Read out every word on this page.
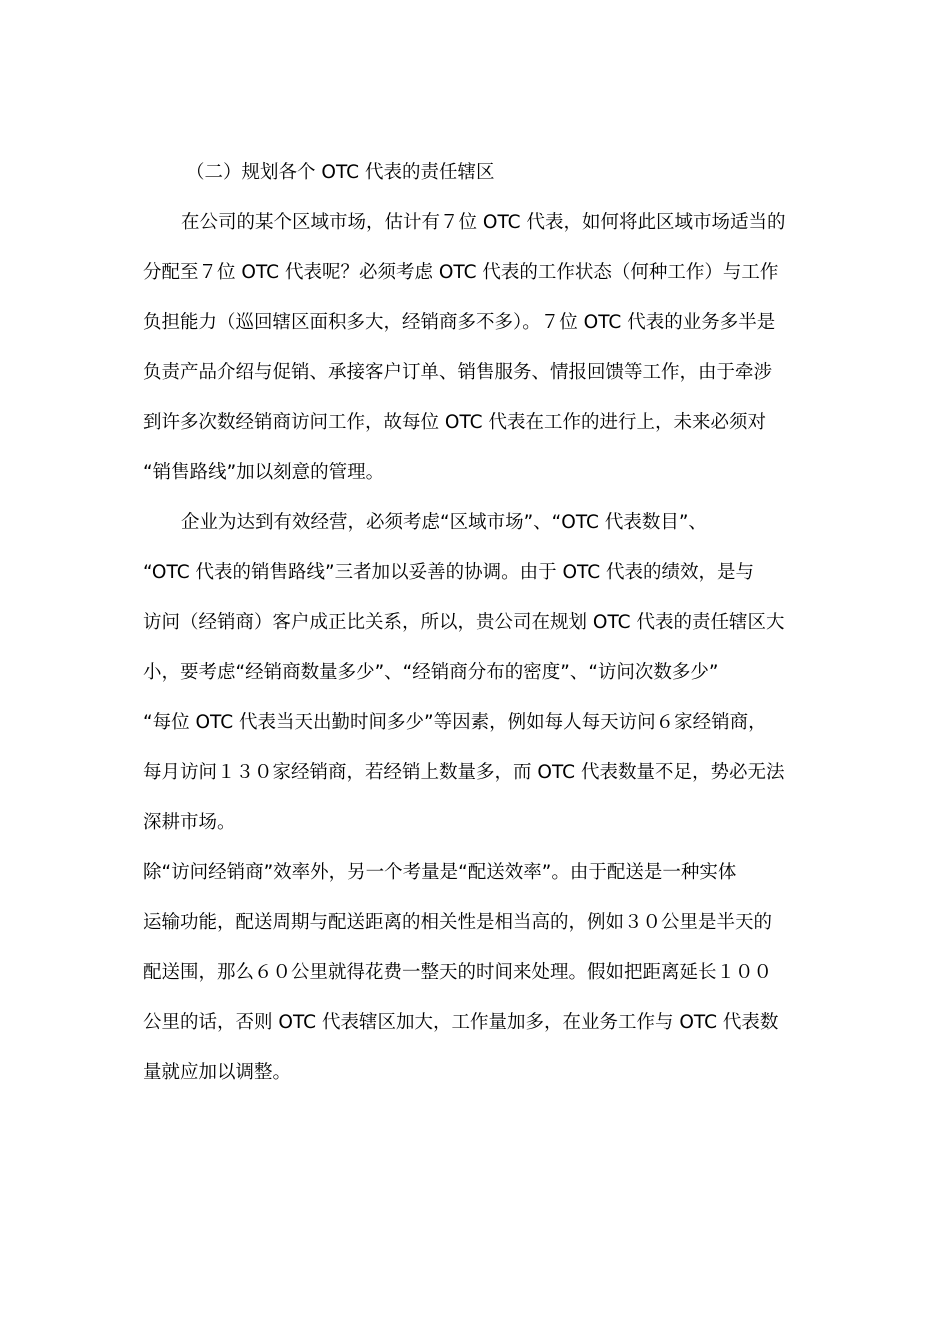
（二）规划各个 OTC 代表的责任辖区
在公司的某个区域市场，估计有７位 OTC 代表，如何将此区域市场适当的
分配至７位 OTC 代表呢？必须考虑 OTC 代表的工作状态（何种工作）与工作
负担能力（巡回辖区面积多大，经销商多不多）。７位 OTC 代表的业务多半是
负责产品介绍与促销、承接客户订单、销售服务、情报回馈等工作，由于牵涉
到许多次数经销商访问工作，故每位 OTC 代表在工作的进行上，未来必须对
“销售路线”加以刻意的管理。
企业为达到有效经营，必须考虑“区域市场”、“OTC 代表数目”、
“OTC 代表的销售路线”三者加以妥善的协调。由于 OTC 代表的绩效，是与
访问（经销商）客户成正比关系，所以，贵公司在规划 OTC 代表的责任辖区大
小，要考虑“经销商数量多少”、“经销商分布的密度”、“访问次数多少”
“每位 OTC 代表当天出勤时间多少”等因素，例如每人每天访问６家经销商，
每月访问１３０家经销商，若经销上数量多，而 OTC 代表数量不足，势必无法
深耕市场。
除“访问经销商”效率外，另一个考量是“配送效率”。由于配送是一种实体
运输功能，配送周期与配送距离的相关性是相当高的，例如３０公里是半天的
配送围，那么６０公里就得花费一整天的时间来处理。假如把距离延长１００
公里的话，否则 OTC 代表辖区加大，工作量加多，在业务工作与 OTC 代表数
量就应加以调整。
